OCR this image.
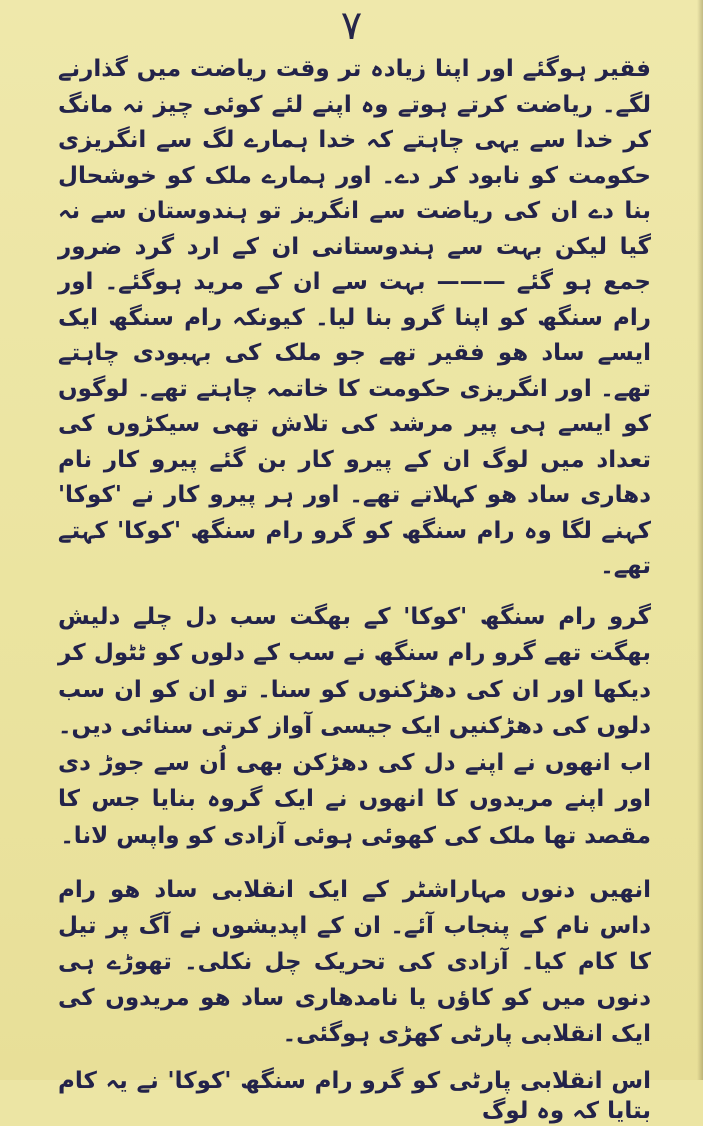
۷

فقیر ہوگئے اور اپنا زیادہ تر وقت ریاضت میں گذارنے لگے۔ ریاضت کرتے ہوتے وہ اپنے لئے کوئی چیز نہ مانگ کر خدا سے یہی چاہتے کہ خدا ہمارے لگ سے انگریزی حکومت کو نابود کر دے۔ اور ہمارے ملک کو خوشحال بنا دے ان کی ریاضت سے انگریز تو ہندوستان سے نہ گیا لیکن بہت سے ہندوستانی ان کے ارد گرد ضرور جمع ہو گئے ——— بہت سے ان کے مرید ہوگئے۔ اور رام سنگھ کو اپنا گرو بنا لیا۔ کیونکہ رام سنگھ ایک ایسے ساد ھو فقیر تھے جو ملک کی بہبودی چاہتے تھے۔ اور انگریزی حکومت کا خاتمہ چاہتے تھے۔ لوگوں کو ایسے ہی پیر مرشد کی تلاش تھی سیکڑوں کی تعداد میں لوگ ان کے پیرو کار بن گئے پیرو کار نام دھاری ساد ھو کہلاتے تھے۔ اور ہر پیرو کار نے 'کوکا' کہنے لگا وہ رام سنگھ کو گرو رام سنگھ 'کوکا' کہتے تھے۔

گرو رام سنگھ 'کوکا' کے بھگت سب دل چلے دلیش بھگت تھے گرو رام سنگھ نے سب کے دلوں کو ٹٹول کر دیکھا اور ان کی دھڑکنوں کو سنا۔ تو ان کو ان سب دلوں کی دھڑکنیں ایک جیسی آواز کرتی سنائی دیں۔ اب انھوں نے اپنے دل کی دھڑکن بھی اُن سے جوڑ دی اور اپنے مریدوں کا انھوں نے ایک گروہ بنایا جس کا مقصد تھا ملک کی کھوئی ہوئی آزادی کو واپس لانا۔

انھیں دنوں مہاراشٹر کے ایک انقلابی ساد ھو رام داس نام کے پنجاب آئے۔ ان کے اپدیشوں نے آگ پر تیل کا کام کیا۔ آزادی کی تحریک چل نکلی۔ تھوڑے ہی دنوں میں کو کاؤں یا نامدھاری ساد ھو مریدوں کی ایک انقلابی پارٹی کھڑی ہوگئی۔

اس انقلابی پارٹی کو گرو رام سنگھ 'کوکا' نے یہ کام بتایا کہ وہ لوگ
